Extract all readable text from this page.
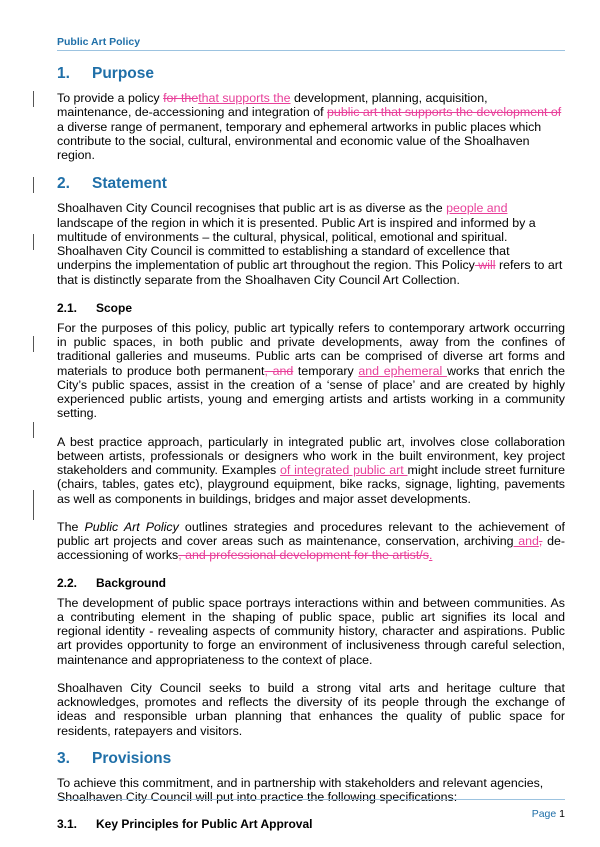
Public Art Policy
1.	Purpose

To provide a policy for thethat supports the development, planning, acquisition, maintenance, de-accessioning and integration of public art that supports the development of a diverse range of permanent, temporary and ephemeral artworks in public places which contribute to the social, cultural, environmental and economic value of the Shoalhaven region.

2.	Statement

Shoalhaven City Council recognises that public art is as diverse as the people and landscape of the region in which it is presented. Public Art is inspired and informed by a multitude of environments – the cultural, physical, political, emotional and spiritual. Shoalhaven City Council is committed to establishing a standard of excellence that underpins the implementation of public art throughout the region. This Policy will refers to art that is distinctly separate from the Shoalhaven City Council Art Collection.

2.1.	Scope

For the purposes of this policy, public art typically refers to contemporary artwork occurring in public spaces, in both public and private developments, away from the confines of traditional galleries and museums. Public arts can be comprised of diverse art forms and materials to produce both permanent, and temporary and ephemeral works that enrich the City’s public spaces, assist in the creation of a ‘sense of place’ and are created by highly experienced public artists, young and emerging artists and artists working in a community setting.

A best practice approach, particularly in integrated public art, involves close collaboration between artists, professionals or designers who work in the built environment, key project stakeholders and community. Examples of integrated public art might include street furniture (chairs, tables, gates etc), playground equipment, bike racks, signage, lighting, pavements as well as components in buildings, bridges and major asset developments.

The Public Art Policy outlines strategies and procedures relevant to the achievement of public art projects and cover areas such as maintenance, conservation, archiving and, de-accessioning of works, and professional development for the artist/s.

2.2.	Background

The development of public space portrays interactions within and between communities. As a contributing element in the shaping of public space, public art signifies its local and regional identity - revealing aspects of community history, character and aspirations. Public art provides opportunity to forge an environment of inclusiveness through careful selection, maintenance and appropriateness to the context of place.

Shoalhaven City Council seeks to build a strong vital arts and heritage culture that acknowledges, promotes and reflects the diversity of its people through the exchange of ideas and responsible urban planning that enhances the quality of public space for residents, ratepayers and visitors.

3.	Provisions

To achieve this commitment, and in partnership with stakeholders and relevant agencies, Shoalhaven City Council will put into practice the following specifications:

3.1.	Key Principles for Public Art Approval
Page 1
